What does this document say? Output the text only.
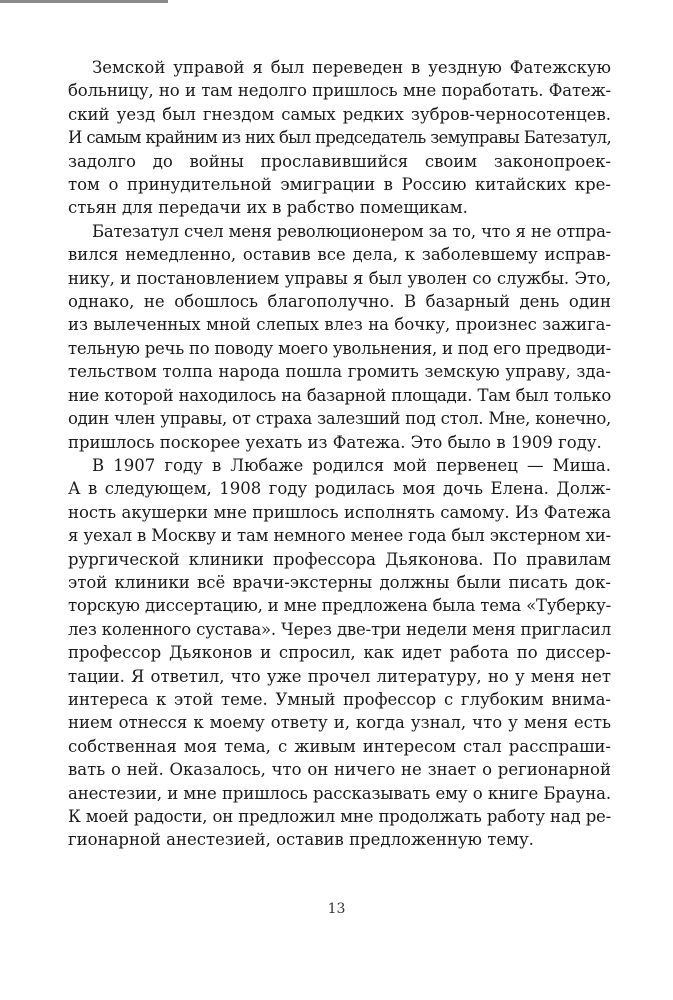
Земской управой я был переведен в уездную Фатежскую
больницу, но и там недолго пришлось мне поработать. Фатеж-
ский уезд был гнездом самых редких зубров-черносотенцев.
И самым крайним из них был председатель земуправы Батезатул,
задолго до войны прославившийся своим законопроек-
том о принудительной эмиграции в Россию китайских кре-
стьян для передачи их в рабство помещикам.

Батезатул счел меня революционером за то, что я не отпра-
вился немедленно, оставив все дела, к заболевшему исправ-
нику, и постановлением управы я был уволен со службы. Это,
однако, не обошлось благополучно. В базарный день один
из вылеченных мной слепых влез на бочку, произнес зажига-
тельную речь по поводу моего увольнения, и под его предводи-
тельством толпа народа пошла громить земскую управу, зда-
ние которой находилось на базарной площади. Там был только
один член управы, от страха залезший под стол. Мне, конечно,
пришлось поскорее уехать из Фатежа. Это было в 1909 году.

В 1907 году в Любаже родился мой первенец — Миша.
А в следующем, 1908 году родилась моя дочь Елена. Долж-
ность акушерки мне пришлось исполнять самому. Из Фатежа
я уехал в Москву и там немного менее года был экстерном хи-
рургической клиники профессора Дьяконова. По правилам
этой клиники всё врачи-экстерны должны были писать док-
торскую диссертацию, и мне предложена была тема «Туберку-
лез коленного сустава». Через две-три недели меня пригласил
профессор Дьяконов и спросил, как идет работа по диссер-
тации. Я ответил, что уже прочел литературу, но у меня нет
интереса к этой теме. Умный профессор с глубоким внима-
нием отнесся к моему ответу и, когда узнал, что у меня есть
собственная моя тема, с живым интересом стал расспраши-
вать о ней. Оказалось, что он ничего не знает о регионарной
анестезии, и мне пришлось рассказывать ему о книге Брауна.
К моей радости, он предложил мне продолжать работу над ре-
гионарной анестезией, оставив предложенную тему.

13
